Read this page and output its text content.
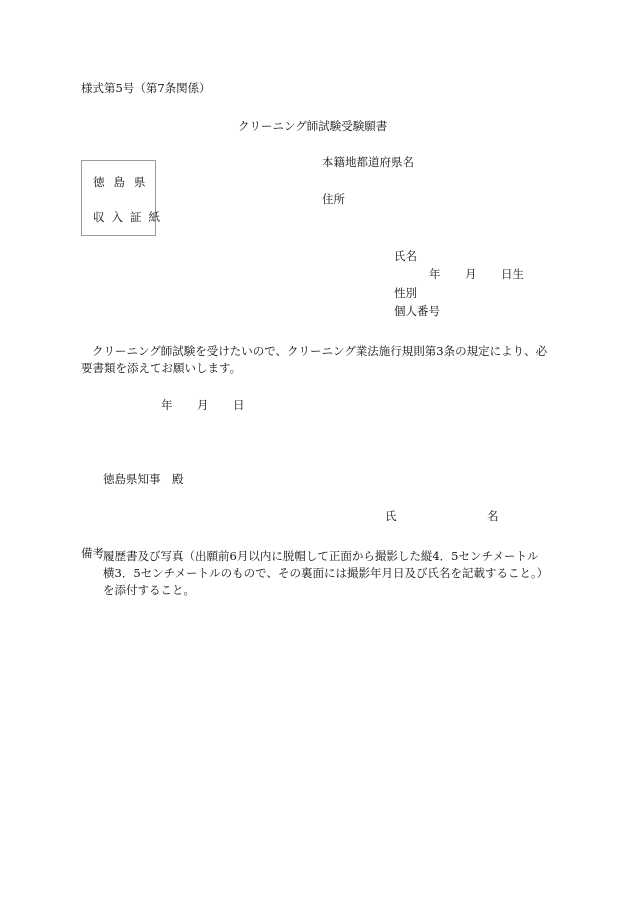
様式第5号（第7条関係）
クリーニング師試験受験願書
徳島県
収入証紙
本籍地都道府県名
住所
氏名
年 月 日生
性別
個人番号
クリーニング師試験を受けたいので、クリーニング業法施行規則第3条の規定により、必要書類を添えてお願いします。
年 月 日
徳島県知事　殿
氏	名
備考 履歴書及び写真（出願前6月以内に脱帽して正面から撮影した縦4．5センチメートル
横3．5センチメートルのもので、その裏面には撮影年月日及び氏名を記載すること。）
を添付すること。
